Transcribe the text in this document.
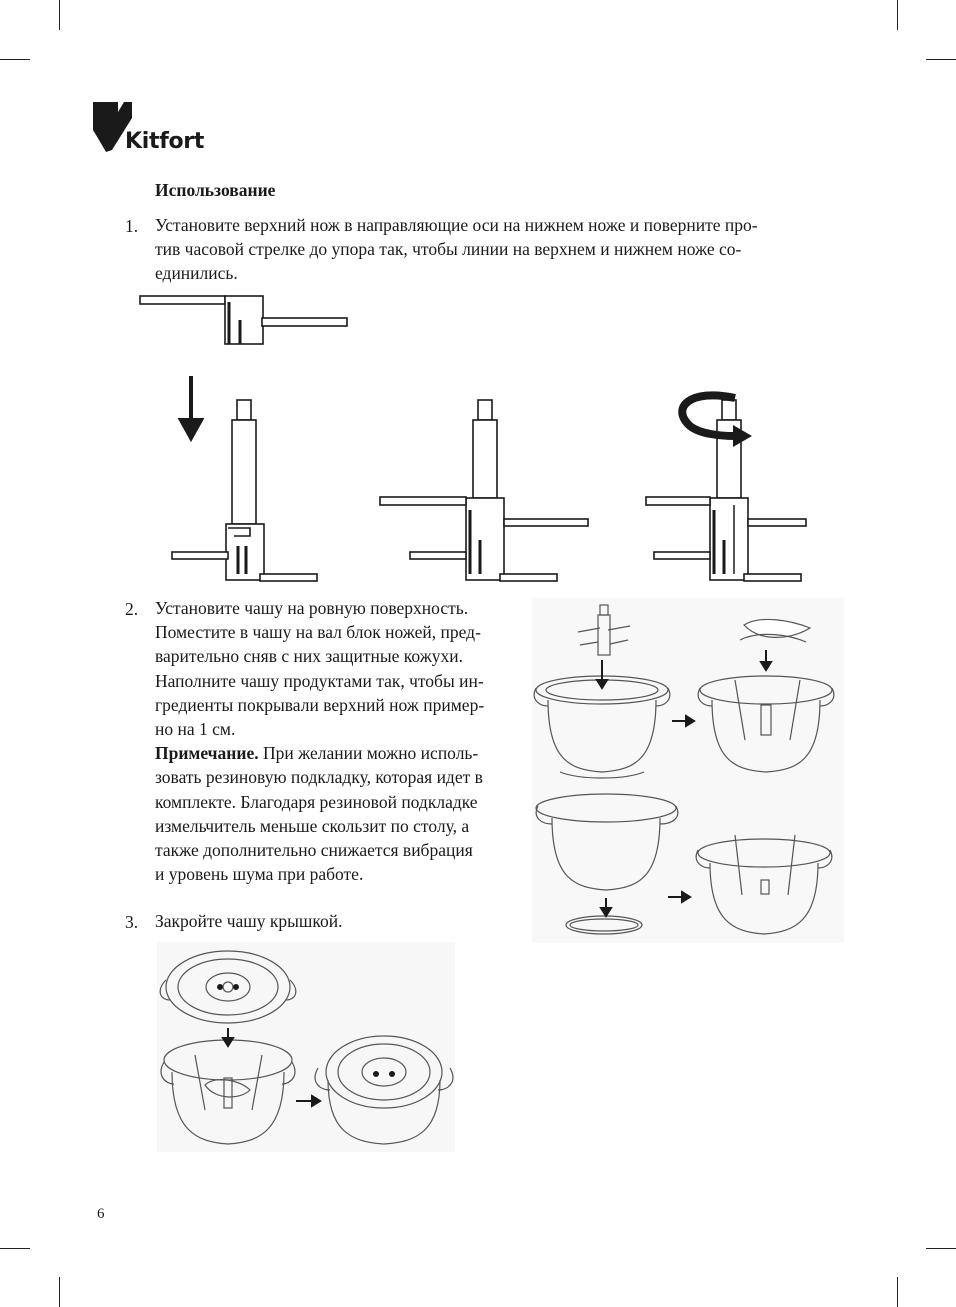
Kitfort
Использование
1. Установите верхний нож в направляющие оси на нижнем ноже и поверните про-
тив часовой стрелке до упора так, чтобы линии на верхнем и нижнем ноже со-
единились.
2. Установите чашу на ровную поверхность.
Поместите в чашу на вал блок ножей, пред-
варительно сняв с них защитные кожухи.
Наполните чашу продуктами так, чтобы ин-
гредиенты покрывали верхний нож пример-
но на 1 см.
Примечание. При желании можно исполь-
зовать резиновую подкладку, которая идет в
комплекте. Благодаря резиновой подкладке
измельчитель меньше скользит по столу, а
также дополнительно снижается вибрация
и уровень шума при работе.
3. Закройте чашу крышкой.
6
